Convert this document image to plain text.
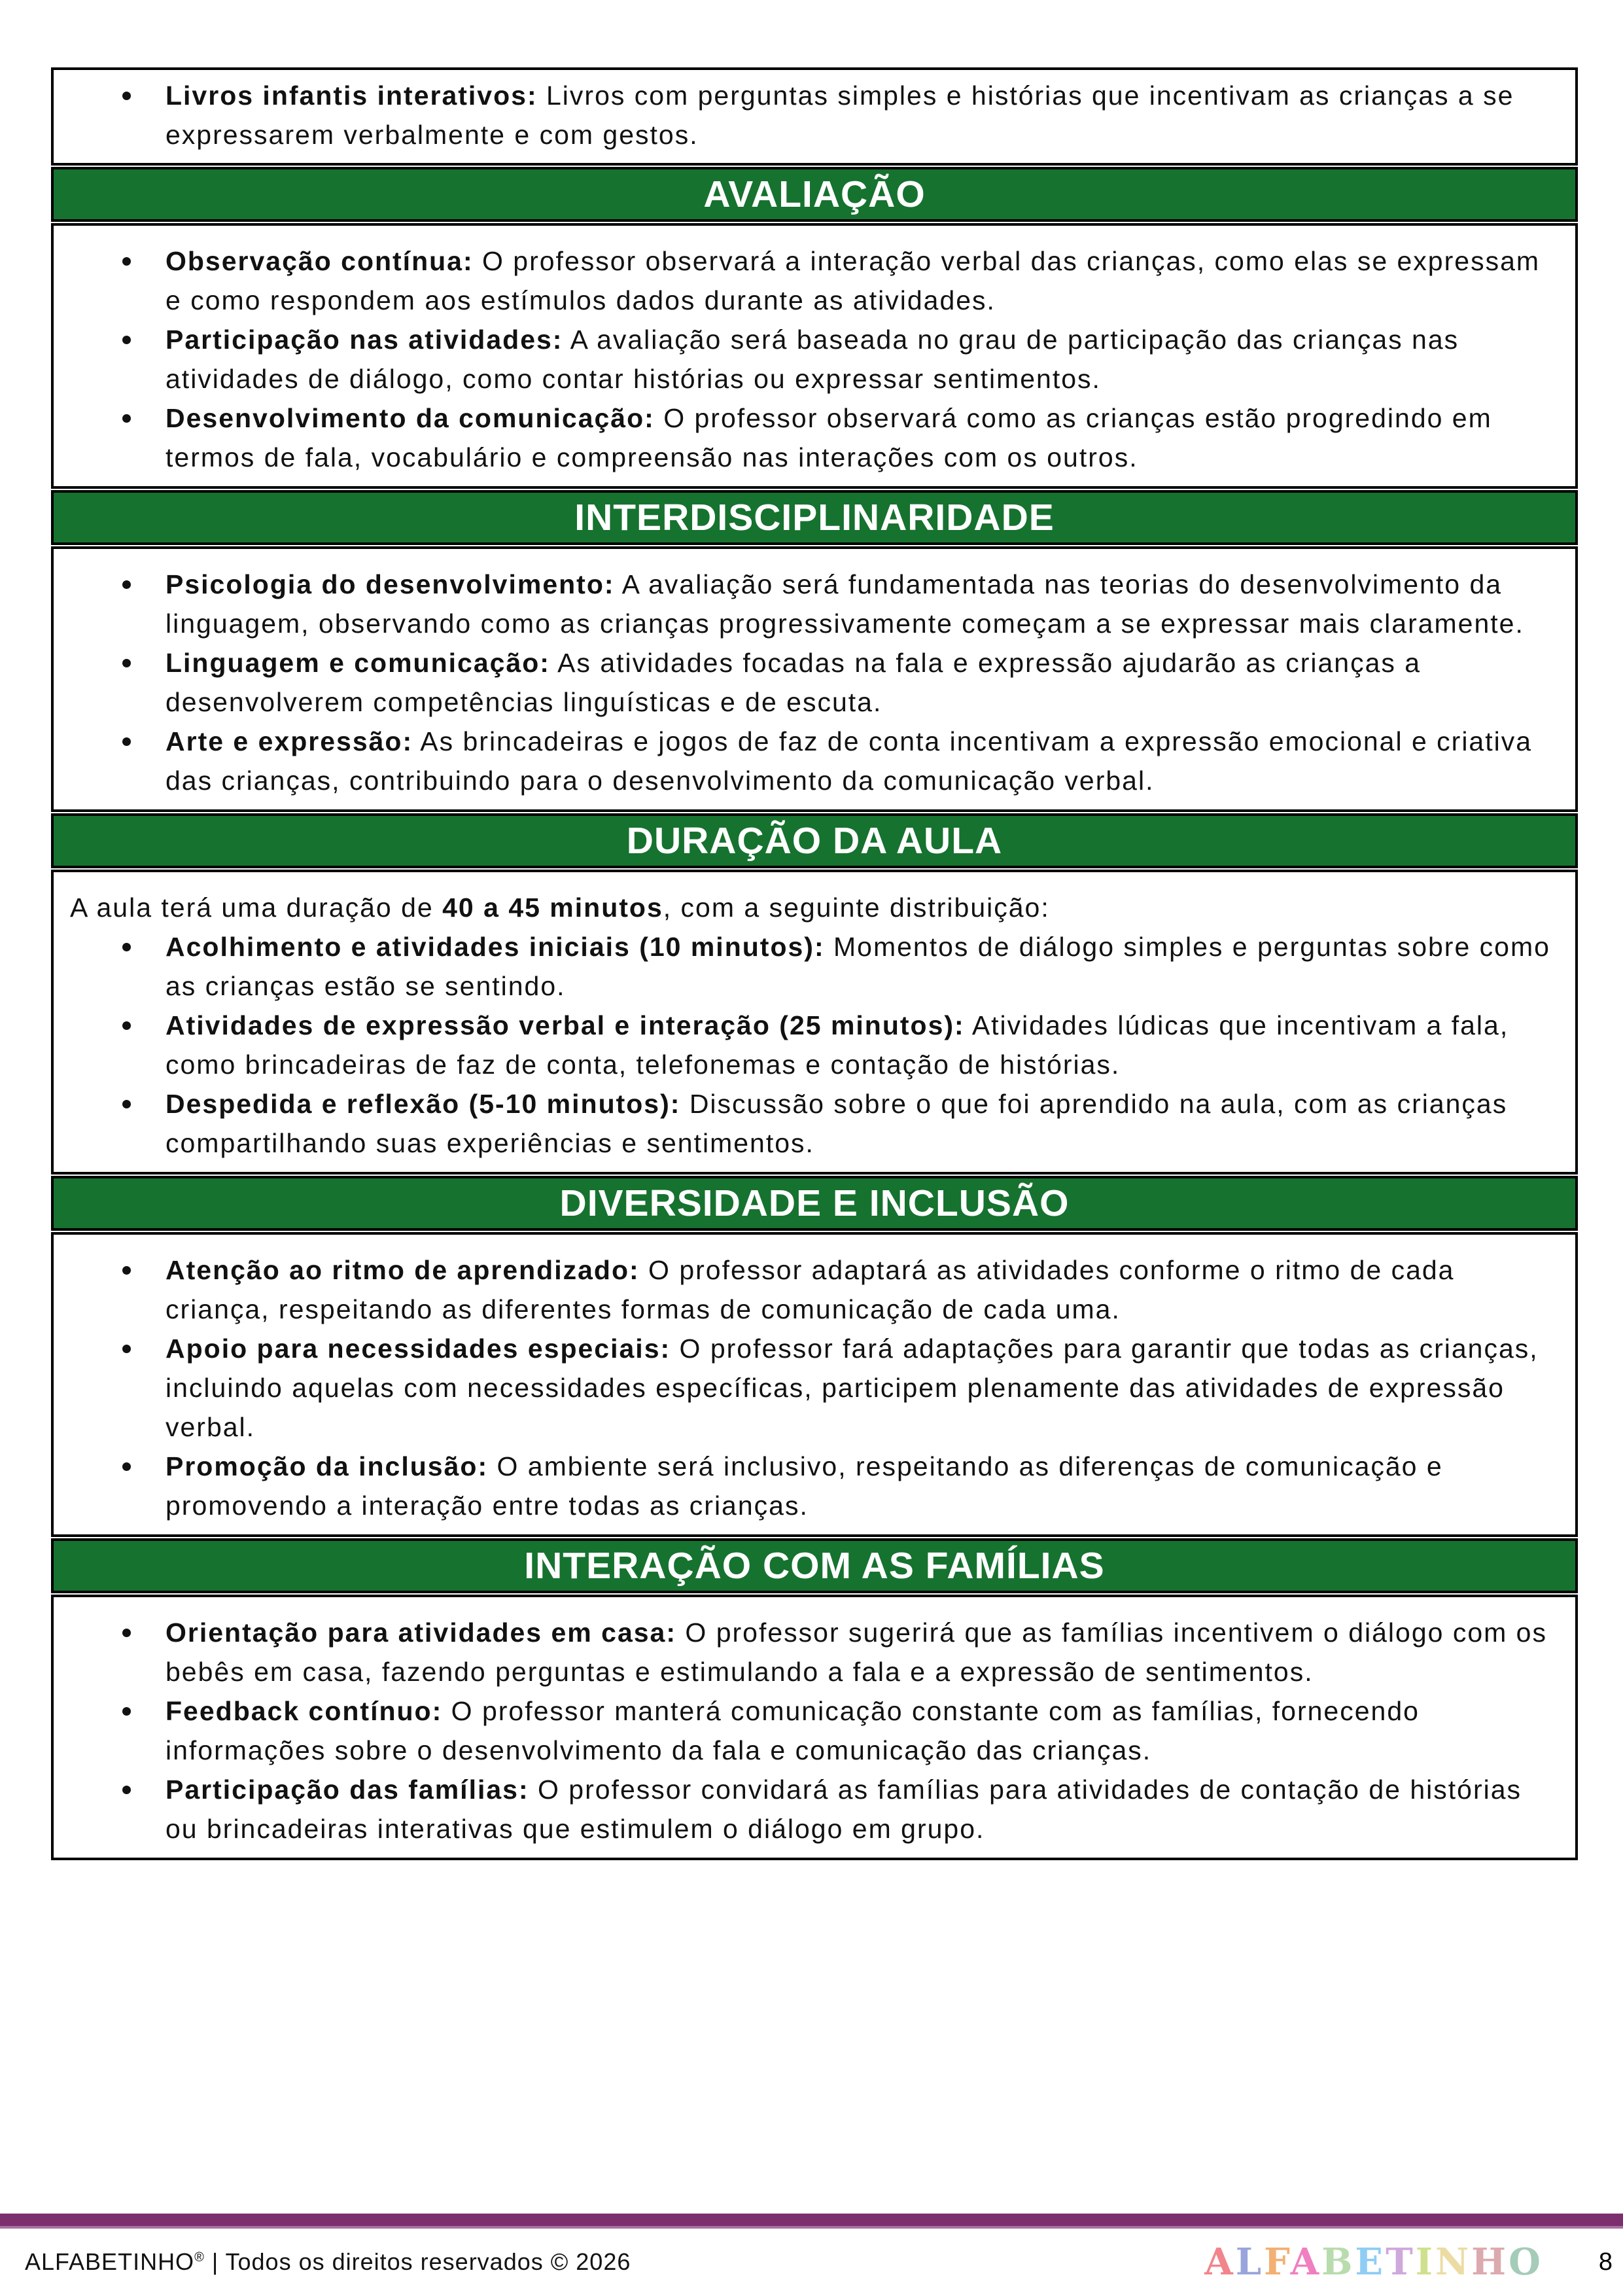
Livros infantis interativos: Livros com perguntas simples e histórias que incentivam as crianças a se expressarem verbalmente e com gestos.
AVALIAÇÃO
Observação contínua: O professor observará a interação verbal das crianças, como elas se expressam e como respondem aos estímulos dados durante as atividades.
Participação nas atividades: A avaliação será baseada no grau de participação das crianças nas atividades de diálogo, como contar histórias ou expressar sentimentos.
Desenvolvimento da comunicação: O professor observará como as crianças estão progredindo em termos de fala, vocabulário e compreensão nas interações com os outros.
INTERDISCIPLINARIDADE
Psicologia do desenvolvimento: A avaliação será fundamentada nas teorias do desenvolvimento da linguagem, observando como as crianças progressivamente começam a se expressar mais claramente.
Linguagem e comunicação: As atividades focadas na fala e expressão ajudarão as crianças a desenvolverem competências linguísticas e de escuta.
Arte e expressão: As brincadeiras e jogos de faz de conta incentivam a expressão emocional e criativa das crianças, contribuindo para o desenvolvimento da comunicação verbal.
DURAÇÃO DA AULA

A aula terá uma duração de 40 a 45 minutos, com a seguinte distribuição:

Acolhimento e atividades iniciais (10 minutos): Momentos de diálogo simples e perguntas sobre como as crianças estão se sentindo.
Atividades de expressão verbal e interação (25 minutos): Atividades lúdicas que incentivam a fala, como brincadeiras de faz de conta, telefonemas e contação de histórias.
Despedida e reflexão (5-10 minutos): Discussão sobre o que foi aprendido na aula, com as crianças compartilhando suas experiências e sentimentos.
DIVERSIDADE E INCLUSÃO
Atenção ao ritmo de aprendizado: O professor adaptará as atividades conforme o ritmo de cada criança, respeitando as diferentes formas de comunicação de cada uma.
Apoio para necessidades especiais: O professor fará adaptações para garantir que todas as crianças, incluindo aquelas com necessidades específicas, participem plenamente das atividades de expressão verbal.
Promoção da inclusão: O ambiente será inclusivo, respeitando as diferenças de comunicação e promovendo a interação entre todas as crianças.
INTERAÇÃO COM AS FAMÍLIAS
Orientação para atividades em casa: O professor sugerirá que as famílias incentivem o diálogo com os bebês em casa, fazendo perguntas e estimulando a fala e a expressão de sentimentos.
Feedback contínuo: O professor manterá comunicação constante com as famílias, fornecendo informações sobre o desenvolvimento da fala e comunicação das crianças.
Participação das famílias: O professor convidará as famílias para atividades de contação de histórias ou brincadeiras interativas que estimulem o diálogo em grupo.
ALFABETINHO® | Todos os direitos reservados © 2026	ALFABETINHO 8
